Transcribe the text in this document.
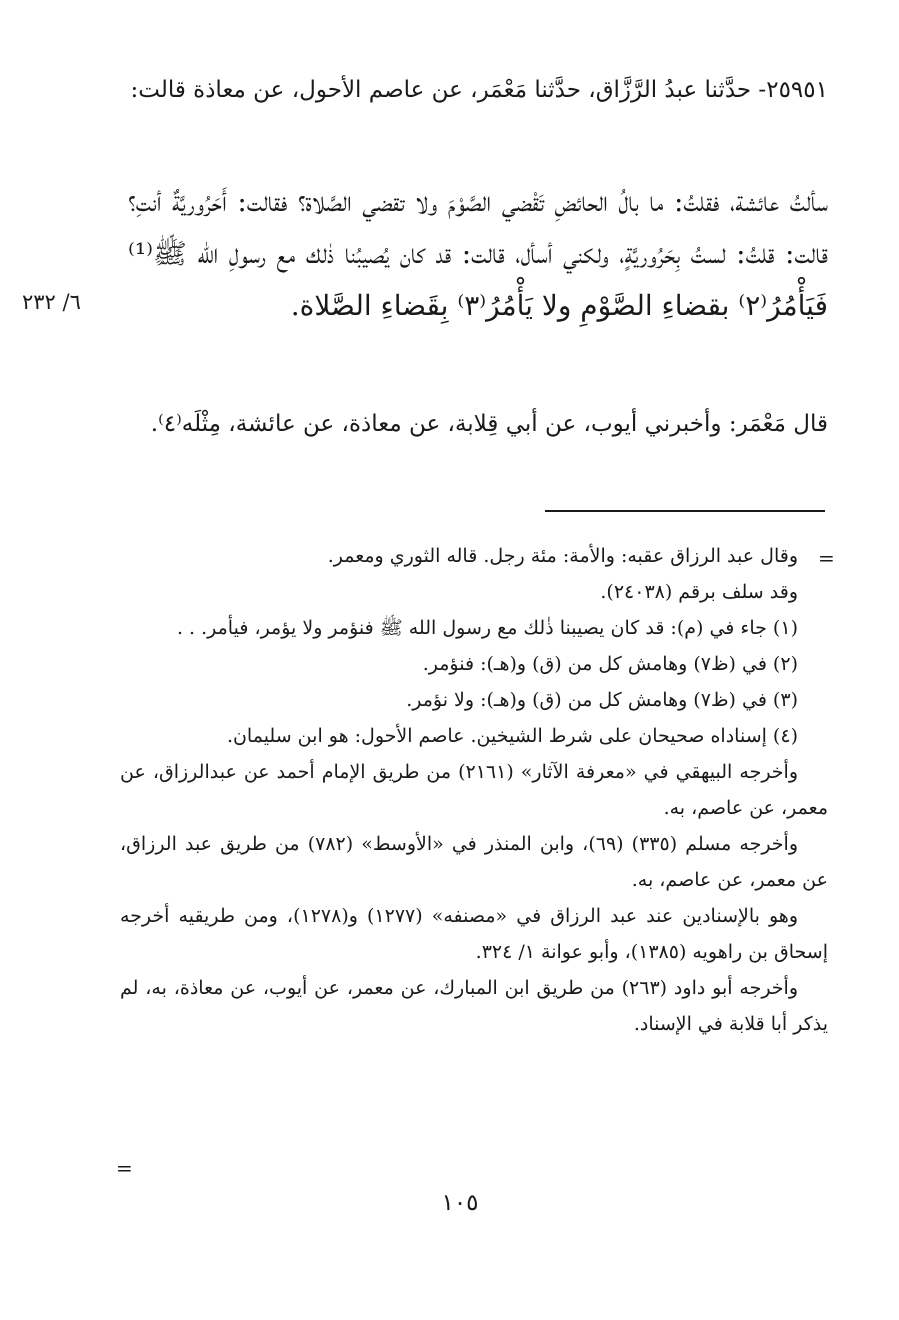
٢٥٩٥١- حدَّثنا عبدُ الرَّزَّاق، حدَّثنا مَعْمَر، عن عاصم الأحول، عن معاذة قالت:

سألتُ عائشة، فقلتُ: ما بالُ الحائضِ تَقْضي الصَّوْمَ ولا تقضي الصَّلاة؟ فقالت: أَحَرُوريَّةٌ أنتِ؟ قالت: قلتُ: لستُ بِحَرُوريَّةٍ، ولكني أسأل، قالت: قد كان يُصيبُنا ذٰلك مع رسولِ الله ﷺ⁽¹⁾ فَيَأْمُرُ⁽٢⁾ بقضاءِ الصَّوْمِ ولا يَأْمُرُ⁽٣⁾ بِقَضاءِ الصَّلاة.

٦/ ٢٣٢

قال مَعْمَر: وأخبرني أيوب، عن أبي قِلابة، عن معاذة، عن عائشة، مِثْلَه⁽٤⁾.

=

وقال عبد الرزاق عقبه: والأمة: مئة رجل. قاله الثوري ومعمر.

وقد سلف برقم (٢٤٠٣٨).

(١) جاء في (م): قد كان يصيبنا ذٰلك مع رسول الله ﷺ فنؤمر ولا يؤمر، فيأمر. . .

(٢) في (ظ٧) وهامش كل من (ق) و(هـ): فنؤمر.

(٣) في (ظ٧) وهامش كل من (ق) و(هـ): ولا نؤمر.

(٤) إسناداه صحيحان على شرط الشيخين. عاصم الأحول: هو ابن سليمان.

وأخرجه البيهقي في «معرفة الآثار» (٢١٦١) من طريق الإمام أحمد عن عبدالرزاق، عن معمر، عن عاصم، به.

وأخرجه مسلم (٣٣٥) (٦٩)، وابن المنذر في «الأوسط» (٧٨٢) من طريق عبد الرزاق، عن معمر، عن عاصم، به.

وهو بالإسنادين عند عبد الرزاق في «مصنفه» (١٢٧٧) و(١٢٧٨)، ومن طريقيه أخرجه إسحاق بن راهويه (١٣٨٥)، وأبو عوانة ١/ ٣٢٤.

وأخرجه أبو داود (٢٦٣) من طريق ابن المبارك، عن معمر، عن أيوب، عن معاذة، به، لم يذكر أبا قلابة في الإسناد.

=
١٠٥
